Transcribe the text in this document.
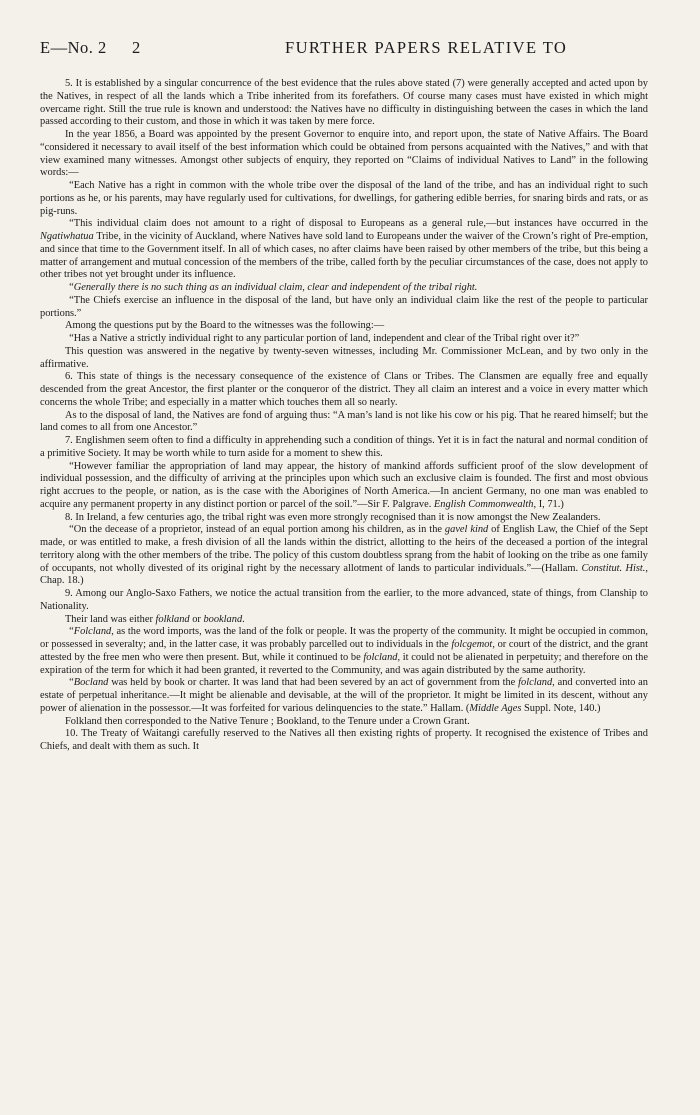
E—No. 2 2	FURTHER PAPERS RELATIVE TO

5. It is established by a singular concurrence of the best evidence that the rules above stated (7) were generally accepted and acted upon by the Natives, in respect of all the lands which a Tribe inherited from its forefathers. Of course many cases must have existed in which might overcame right. Still the true rule is known and understood: the Natives have no difficulty in distinguishing between the cases in which the land passed according to their custom, and those in which it was taken by mere force.

In the year 1856, a Board was appointed by the present Governor to enquire into, and report upon, the state of Native Affairs. The Board “considered it necessary to avail itself of the best information which could be obtained from persons acquainted with the Natives,” and with that view examined many witnesses. Amongst other subjects of enquiry, they reported on “Claims of individual Natives to Land” in the following words:—

“Each Native has a right in common with the whole tribe over the disposal of the land of the tribe, and has an individual right to such portions as he, or his parents, may have regularly used for cultivations, for dwellings, for gathering edible berries, for snaring birds and rats, or as pig-runs.

“This individual claim does not amount to a right of disposal to Europeans as a general rule,—but instances have occurred in the Ngatiwhatua Tribe, in the vicinity of Auckland, where Natives have sold land to Europeans under the waiver of the Crown’s right of Pre-emption, and since that time to the Government itself. In all of which cases, no after claims have been raised by other members of the tribe, but this being a matter of arrangement and mutual concession of the members of the tribe, called forth by the peculiar circumstances of the case, does not apply to other tribes not yet brought under its influence.

“Generally there is no such thing as an individual claim, clear and independent of the tribal right.

“The Chiefs exercise an influence in the disposal of the land, but have only an individual claim like the rest of the people to particular portions.”

Among the questions put by the Board to the witnesses was the following:—

“Has a Native a strictly individual right to any particular portion of land, independent and clear of the Tribal right over it?”

This question was answered in the negative by twenty-seven witnesses, including Mr. Commissioner McLean, and by two only in the affirmative.

6. This state of things is the necessary consequence of the existence of Clans or Tribes. The Clansmen are equally free and equally descended from the great Ancestor, the first planter or the conqueror of the district. They all claim an interest and a voice in every matter which concerns the whole Tribe; and especially in a matter which touches them all so nearly.

As to the disposal of land, the Natives are fond of arguing thus: “A man’s land is not like his cow or his pig. That he reared himself; but the land comes to all from one Ancestor.”

7. Englishmen seem often to find a difficulty in apprehending such a condition of things. Yet it is in fact the natural and normal condition of a primitive Society. It may be worth while to turn aside for a moment to shew this.

“However familiar the appropriation of land may appear, the history of mankind affords sufficient proof of the slow development of individual possession, and the difficulty of arriving at the principles upon which such an exclusive claim is founded. The first and most obvious right accrues to the people, or nation, as is the case with the Aborigines of North America.—In ancient Germany, no one man was enabled to acquire any permanent property in any distinct portion or parcel of the soil.”—Sir F. Palgrave. English Commonwealth, I, 71.)

8. In Ireland, a few centuries ago, the tribal right was even more strongly recognised than it is now amongst the New Zealanders.

“On the decease of a proprietor, instead of an equal portion among his children, as in the gavel kind of English Law, the Chief of the Sept made, or was entitled to make, a fresh division of all the lands within the district, allotting to the heirs of the deceased a portion of the integral territory along with the other members of the tribe. The policy of this custom doubtless sprang from the habit of looking on the tribe as one family of occupants, not wholly divested of its original right by the necessary allotment of lands to particular individuals.”—(Hallam. Constitut. Hist., Chap. 18.)

9. Among our Anglo-Saxo Fathers, we notice the actual transition from the earlier, to the more advanced, state of things, from Clanship to Nationality.

Their land was either folkland or bookland.

“Folcland, as the word imports, was the land of the folk or people. It was the property of the community. It might be occupied in common, or possessed in severalty; and, in the latter case, it was probably parcelled out to individuals in the folcgemot, or court of the district, and the grant attested by the free men who were then present. But, while it continued to be folcland, it could not be alienated in perpetuity; and therefore on the expiration of the term for which it had been granted, it reverted to the Community, and was again distributed by the same authority.

“Bocland was held by book or charter. It was land that had been severed by an act of government from the folcland, and converted into an estate of perpetual inheritance.—It might be alienable and devisable, at the will of the proprietor. It might be limited in its descent, without any power of alienation in the possessor.—It was forfeited for various delinquencies to the state.” Hallam. (Middle Ages Suppl. Note, 140.)

Folkland then corresponded to the Native Tenure ; Bookland, to the Tenure under a Crown Grant.

10. The Treaty of Waitangi carefully reserved to the Natives all then existing rights of property. It recognised the existence of Tribes and Chiefs, and dealt with them as such. It
